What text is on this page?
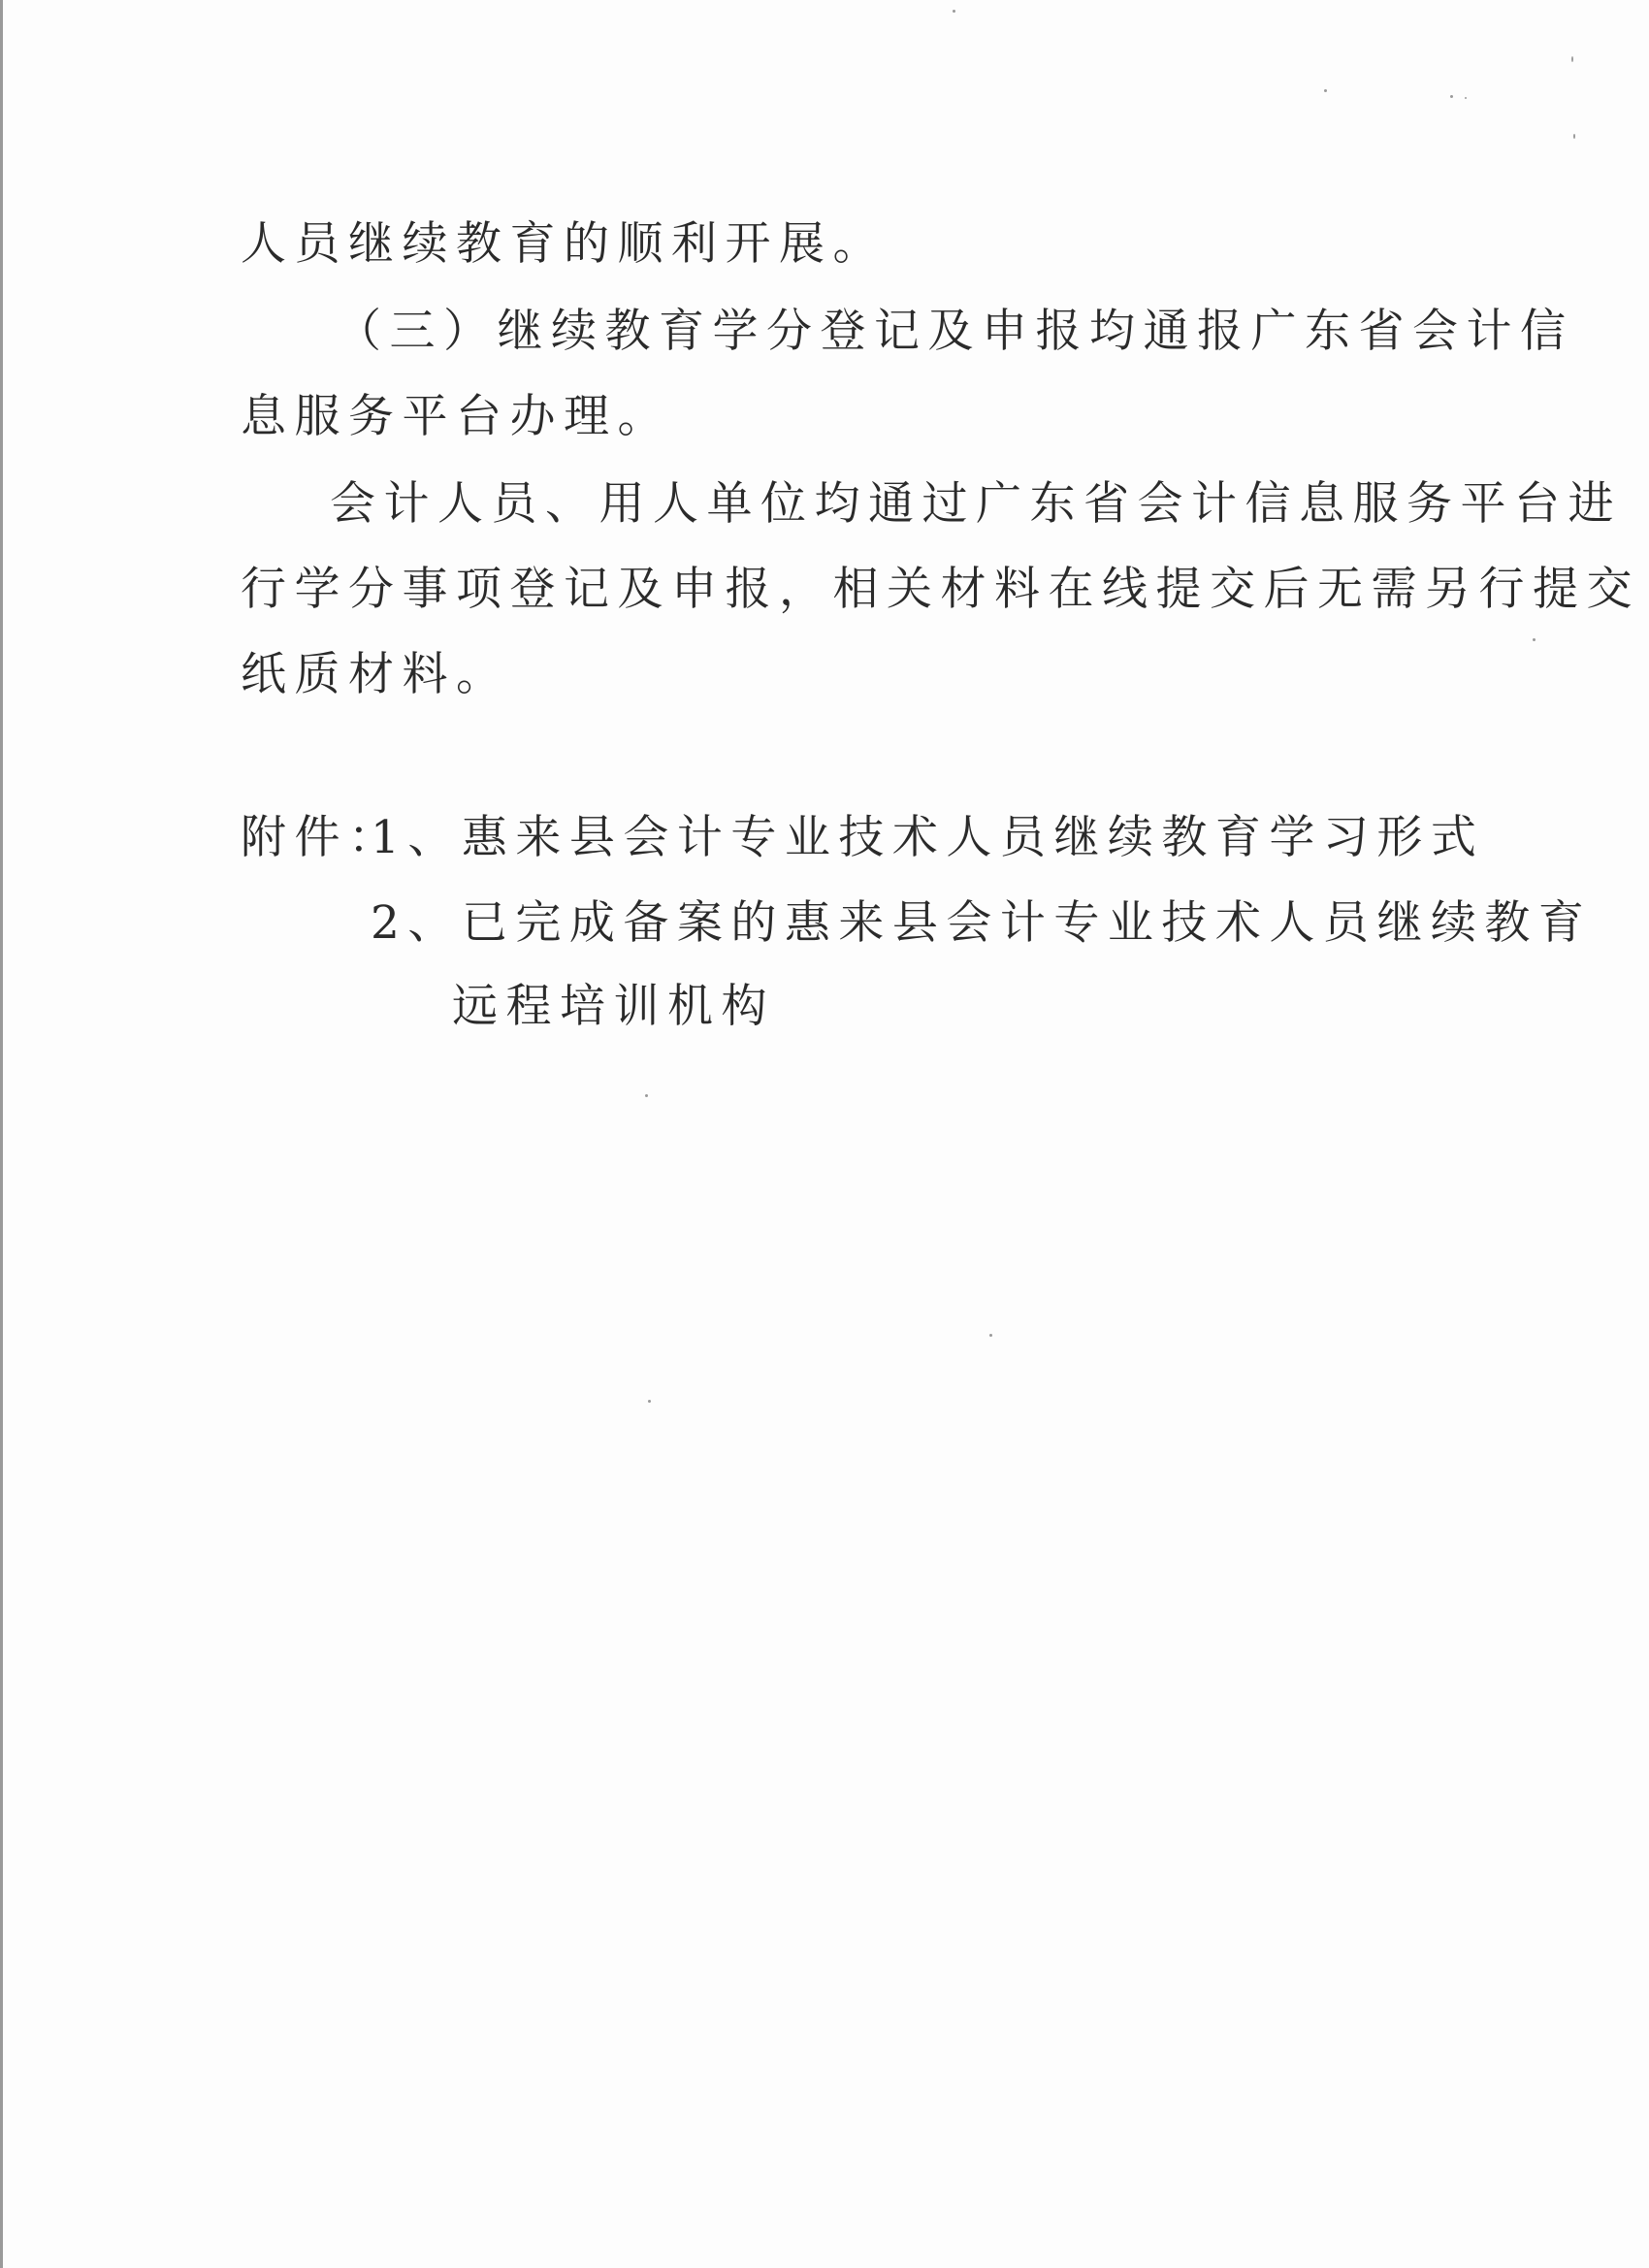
人员继续教育的顺利开展。
（三）继续教育学分登记及申报均通报广东省会计信
息服务平台办理。
会计人员、用人单位均通过广东省会计信息服务平台进
行学分事项登记及申报，相关材料在线提交后无需另行提交
纸质材料。
附件：
1、惠来县会计专业技术人员继续教育学习形式
2、已完成备案的惠来县会计专业技术人员继续教育
远程培训机构
